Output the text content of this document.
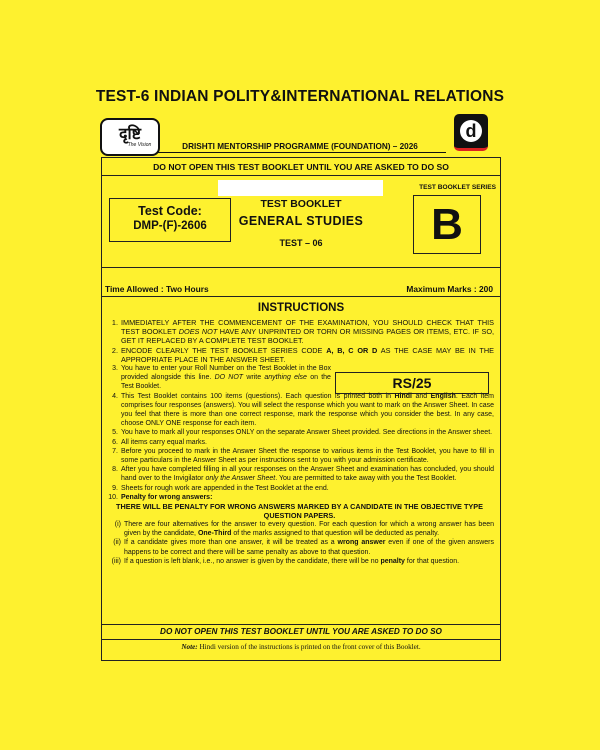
TEST-6 INDIAN POLITY&INTERNATIONAL RELATIONS
दृष्टि
The Vision
d
DRISHTI MENTORSHIP PROGRAMME (FOUNDATION) – 2026
DO NOT OPEN THIS TEST BOOKLET UNTIL YOU ARE ASKED TO DO SO
TEST BOOKLET SERIES
Test Code:
DMP-(F)-2606
TEST BOOKLET
GENERAL STUDIES
TEST – 06	B
Time Allowed : Two Hours	Maximum Marks : 200
INSTRUCTIONS
RS/25
1. IMMEDIATELY AFTER THE COMMENCEMENT OF THE EXAMINATION, YOU SHOULD CHECK THAT THIS TEST BOOKLET DOES NOT HAVE ANY UNPRINTED OR TORN OR MISSING PAGES OR ITEMS, ETC. IF SO, GET IT REPLACED BY A COMPLETE TEST BOOKLET.
2. ENCODE CLEARLY THE TEST BOOKLET SERIES CODE A, B, C OR D AS THE CASE MAY BE IN THE APPROPRIATE PLACE IN THE ANSWER SHEET.
3. You have to enter your Roll Number on the Test Booklet in the Box provided alongside this line. DO NOT write anything else on the Test Booklet.
4. This Test Booklet contains 100 items (questions). Each question is printed both in Hindi and English. Each item comprises four responses (answers). You will select the response which you want to mark on the Answer Sheet. In case you feel that there is more than one correct response, mark the response which you consider the best. In any case, choose ONLY ONE response for each item.
5. You have to mark all your responses ONLY on the separate Answer Sheet provided. See directions in the Answer sheet.
6. All items carry equal marks.
7. Before you proceed to mark in the Answer Sheet the response to various items in the Test Booklet, you have to fill in some particulars in the Answer Sheet as per instructions sent to you with your admission certificate.
8. After you have completed filling in all your responses on the Answer Sheet and examination has concluded, you should hand over to the Invigilator only the Answer Sheet. You are permitted to take away with you the Test Booklet.
9. Sheets for rough work are appended in the Test Booklet at the end.
10. Penalty for wrong answers:
THERE WILL BE PENALTY FOR WRONG ANSWERS MARKED BY A CANDIDATE IN THE OBJECTIVE TYPE QUESTION PAPERS.
(i) There are four alternatives for the answer to every question. For each question for which a wrong answer has been given by the candidate, One-Third of the marks assigned to that question will be deducted as penalty.
(ii) If a candidate gives more than one answer, it will be treated as a wrong answer even if one of the given answers happens to be correct and there will be same penalty as above to that question.
(iii) If a question is left blank, i.e., no answer is given by the candidate, there will be no penalty for that question.
DO NOT OPEN THIS TEST BOOKLET UNTIL YOU ARE ASKED TO DO SO
Note: Hindi version of the instructions is printed on the front cover of this Booklet.
